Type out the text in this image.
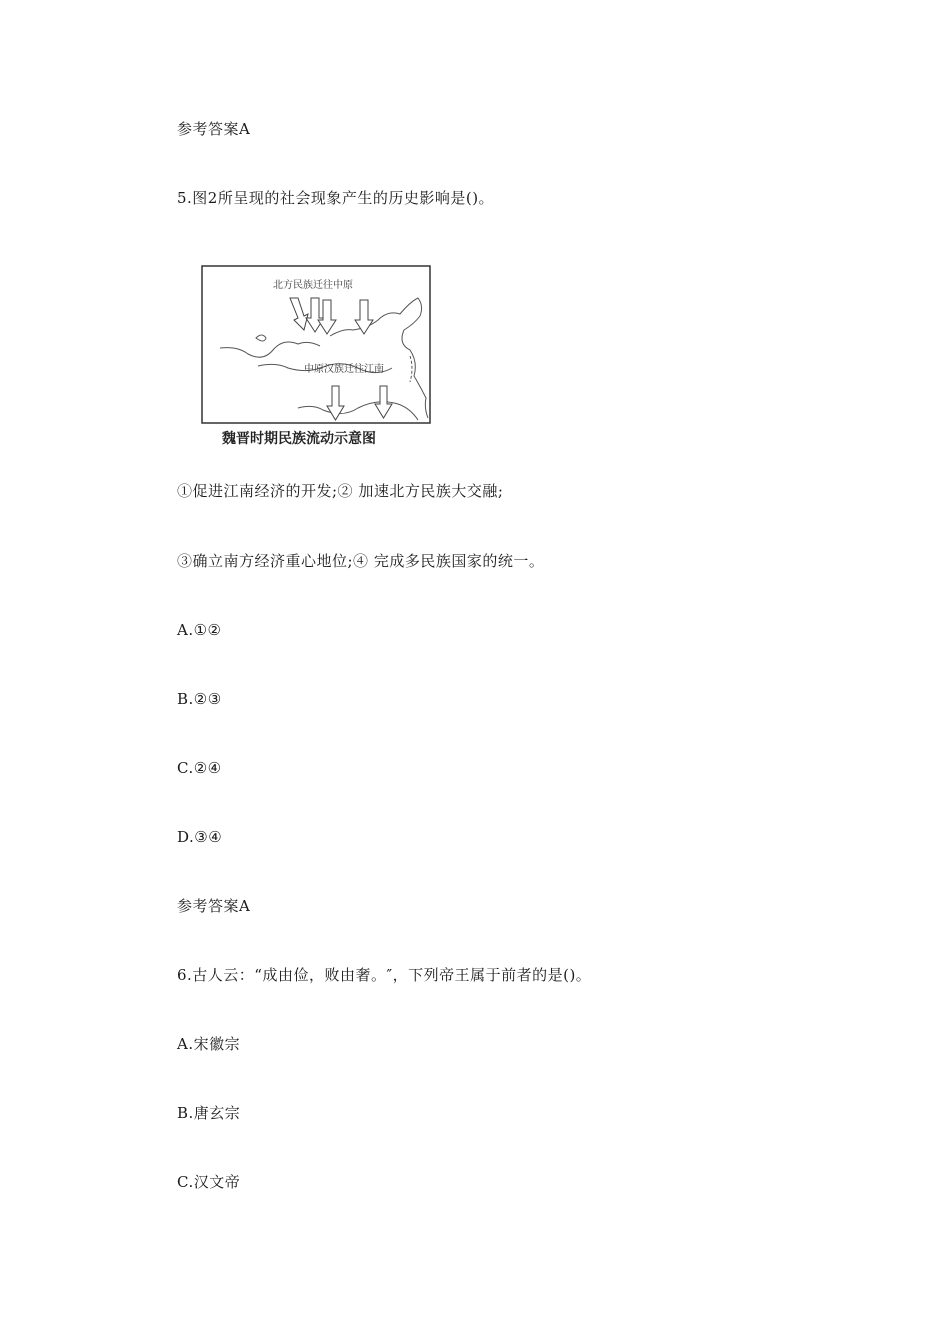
参考答案A
5.图2所呈现的社会现象产生的历史影响是()。
北方民族迁往中原
中原汉族迁往江南
魏晋时期民族流动示意图
①促进江南经济的开发;② 加速北方民族大交融;
③确立南方经济重心地位;④ 完成多民族国家的统一。
A.①②
B.②③
C.②④
D.③④
参考答案A
6.古人云：“成由俭，败由奢。″，下列帝王属于前者的是()。
A.宋徽宗
B.唐玄宗
C.汉文帝
